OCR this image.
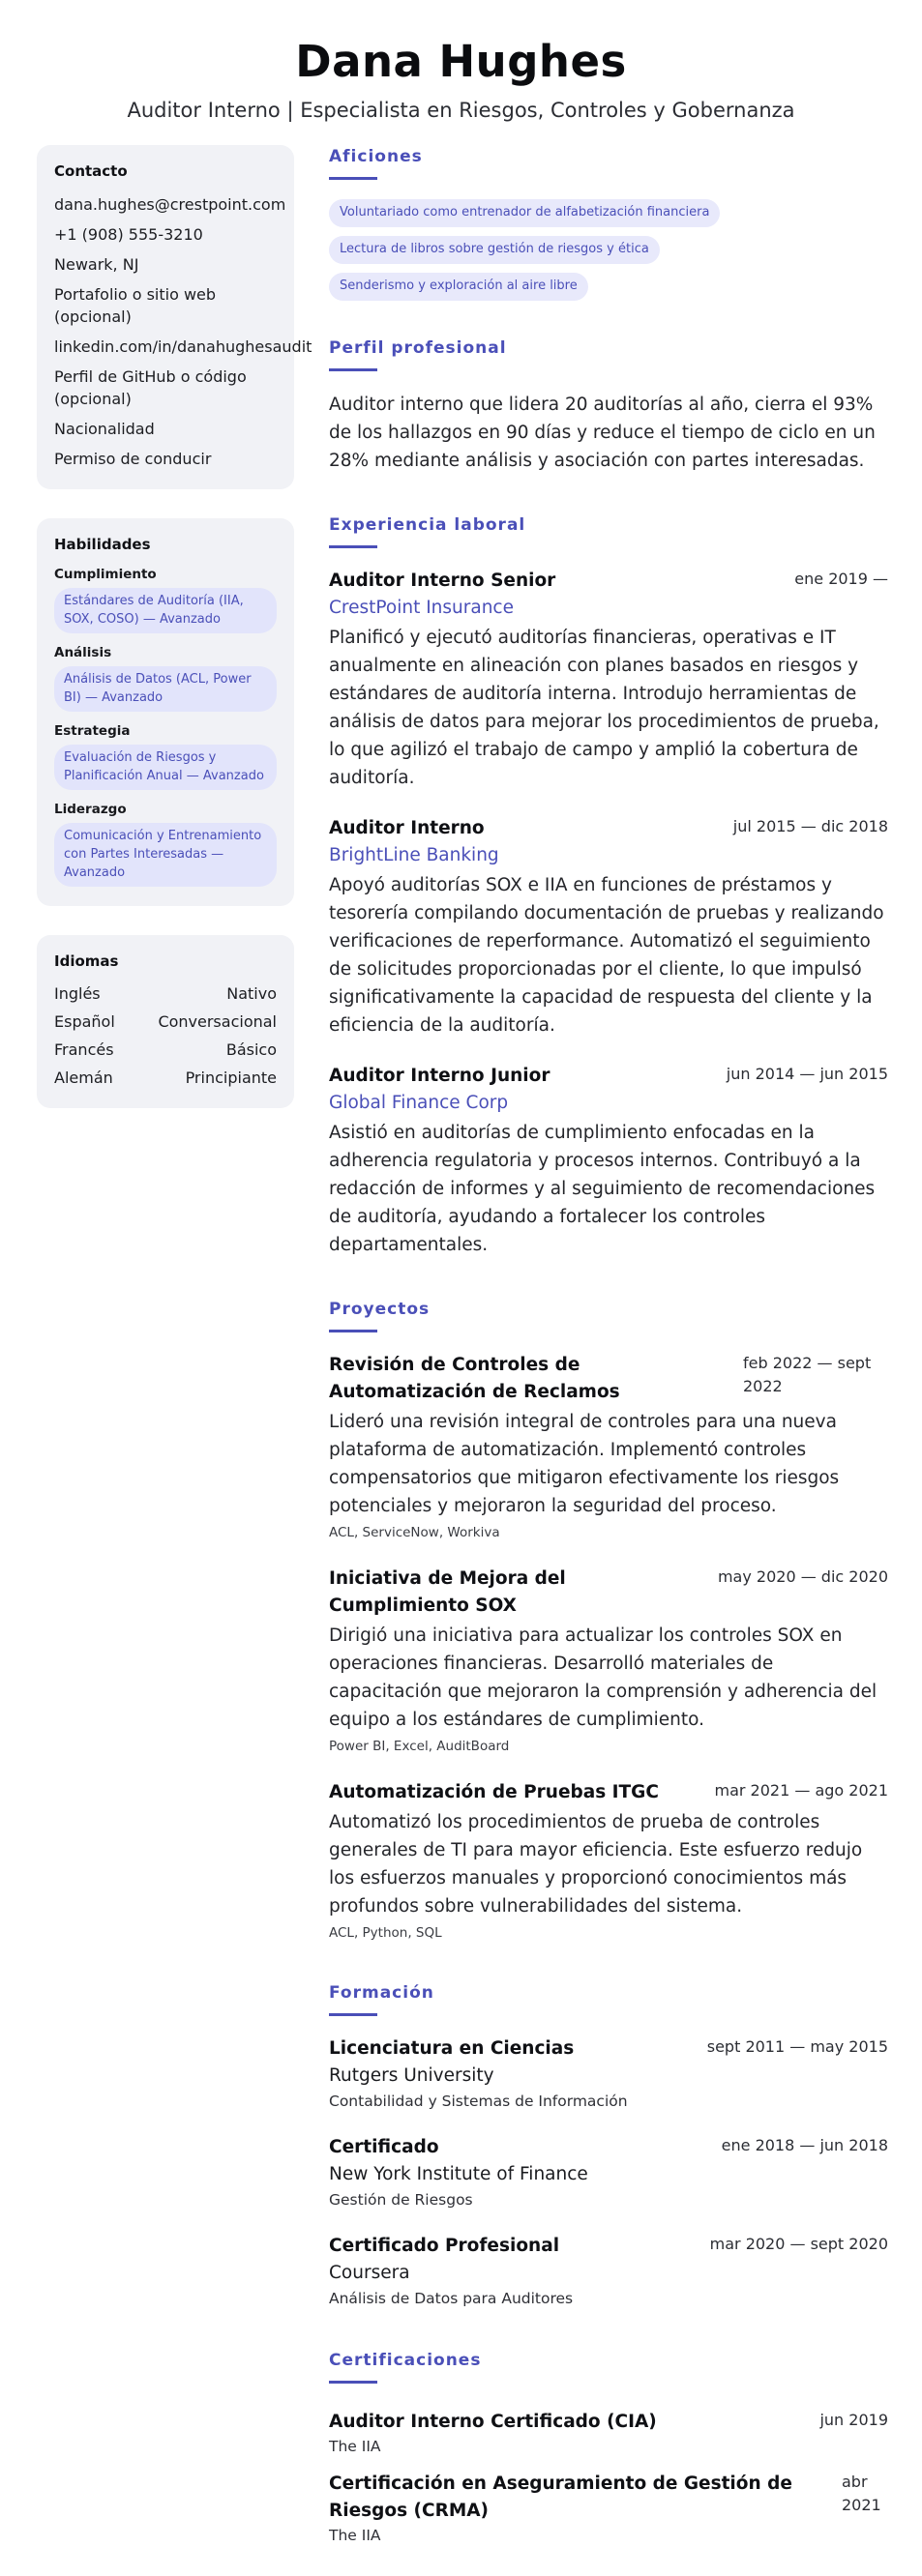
Dana Hughes
Auditor Interno | Especialista en Riesgos, Controles y Gobernanza
Contacto
dana.hughes@crestpoint.com
+1 (908) 555-3210
Newark, NJ
Portafolio o sitio web (opcional)
linkedin.com/in/danahughesaudit
Perfil de GitHub o código (opcional)
Nacionalidad
Permiso de conducir
Habilidades
Cumplimiento
Estándares de Auditoría (IIA, SOX, COSO) — Avanzado
Análisis
Análisis de Datos (ACL, Power BI) — Avanzado
Estrategia
Evaluación de Riesgos y Planificación Anual — Avanzado
Liderazgo
Comunicación y Entrenamiento con Partes Interesadas — Avanzado
Idiomas
Inglés	Nativo
Español	Conversacional
Francés	Básico
Alemán	Principiante
Aficiones
Voluntariado como entrenador de alfabetización financiera
Lectura de libros sobre gestión de riesgos y ética
Senderismo y exploración al aire libre
Perfil profesional
Auditor interno que lidera 20 auditorías al año, cierra el 93% de los hallazgos en 90 días y reduce el tiempo de ciclo en un 28% mediante análisis y asociación con partes interesadas.
Experiencia laboral
Auditor Interno Senior	ene 2019 —
CrestPoint Insurance
Planificó y ejecutó auditorías financieras, operativas e IT anualmente en alineación con planes basados en riesgos y estándares de auditoría interna. Introdujo herramientas de análisis de datos para mejorar los procedimientos de prueba, lo que agilizó el trabajo de campo y amplió la cobertura de auditoría.
Auditor Interno	jul 2015 — dic 2018
BrightLine Banking
Apoyó auditorías SOX e IIA en funciones de préstamos y tesorería compilando documentación de pruebas y realizando verificaciones de reperformance. Automatizó el seguimiento de solicitudes proporcionadas por el cliente, lo que impulsó significativamente la capacidad de respuesta del cliente y la eficiencia de la auditoría.
Auditor Interno Junior	jun 2014 — jun 2015
Global Finance Corp
Asistió en auditorías de cumplimiento enfocadas en la adherencia regulatoria y procesos internos. Contribuyó a la redacción de informes y al seguimiento de recomendaciones de auditoría, ayudando a fortalecer los controles departamentales.
Proyectos
Revisión de Controles de Automatización de Reclamos
feb 2022 — sept 2022
Lideró una revisión integral de controles para una nueva plataforma de automatización. Implementó controles compensatorios que mitigaron efectivamente los riesgos potenciales y mejoraron la seguridad del proceso.
ACL, ServiceNow, Workiva
Iniciativa de Mejora del Cumplimiento SOX
may 2020 — dic 2020
Dirigió una iniciativa para actualizar los controles SOX en operaciones financieras. Desarrolló materiales de capacitación que mejoraron la comprensión y adherencia del equipo a los estándares de cumplimiento.
Power BI, Excel, AuditBoard
Automatización de Pruebas ITGC	mar 2021 — ago 2021
Automatizó los procedimientos de prueba de controles generales de TI para mayor eficiencia. Este esfuerzo redujo los esfuerzos manuales y proporcionó conocimientos más profundos sobre vulnerabilidades del sistema.
ACL, Python, SQL
Formación
Licenciatura en Ciencias	sept 2011 — may 2015
Rutgers University
Contabilidad y Sistemas de Información
Certificado	ene 2018 — jun 2018
New York Institute of Finance
Gestión de Riesgos
Certificado Profesional	mar 2020 — sept 2020
Coursera
Análisis de Datos para Auditores
Certificaciones
Auditor Interno Certificado (CIA)	jun 2019
The IIA
Certificación en Aseguramiento de Gestión de Riesgos (CRMA)
abr 2021
The IIA
